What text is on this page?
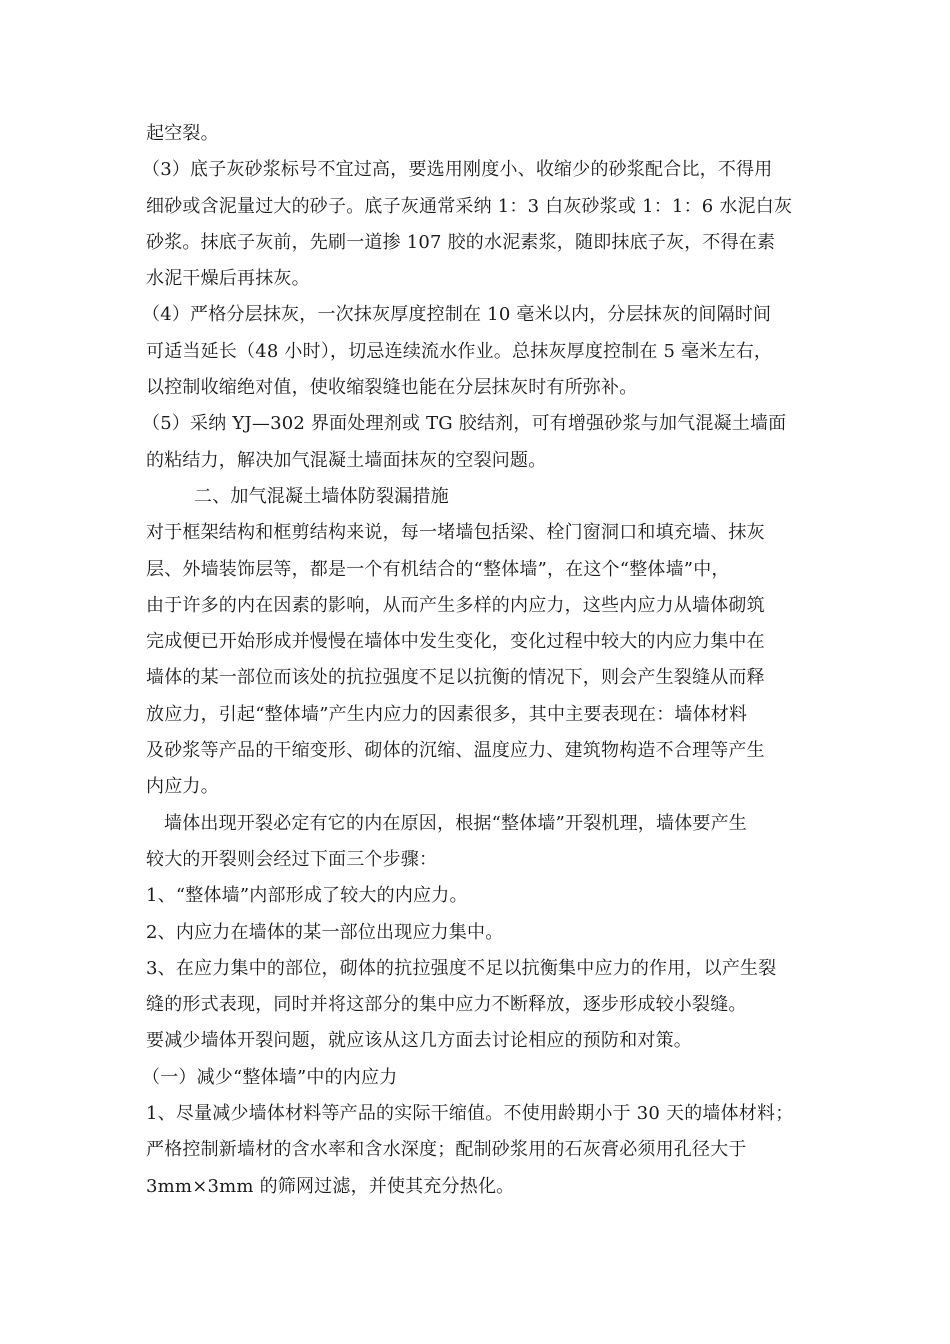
起空裂。
（3）底子灰砂浆标号不宜过高，要选用刚度小、收缩少的砂浆配合比，不得用
细砂或含泥量过大的砂子。底子灰通常采纳 1：3 白灰砂浆或 1：1：6 水泥白灰
砂浆。抹底子灰前，先刷一道掺 107 胶的水泥素浆，随即抹底子灰，不得在素
水泥干燥后再抹灰。
（4）严格分层抹灰，一次抹灰厚度控制在 10 毫米以内，分层抹灰的间隔时间
可适当延长（48 小时），切忌连续流水作业。总抹灰厚度控制在 5 毫米左右，
以控制收缩绝对值，使收缩裂缝也能在分层抹灰时有所弥补。
（5）采纳 YJ—302 界面处理剂或 TG 胶结剂，可有增强砂浆与加气混凝土墙面
的粘结力，解决加气混凝土墙面抹灰的空裂问题。
二、加气混凝土墙体防裂漏措施
对于框架结构和框剪结构来说，每一堵墙包括梁、栓门窗洞口和填充墙、抹灰
层、外墙装饰层等，都是一个有机结合的“整体墙”，在这个“整体墙”中，
由于许多的内在因素的影响，从而产生多样的内应力，这些内应力从墙体砌筑
完成便已开始形成并慢慢在墙体中发生变化，变化过程中较大的内应力集中在
墙体的某一部位而该处的抗拉强度不足以抗衡的情况下，则会产生裂缝从而释
放应力，引起“整体墙”产生内应力的因素很多，其中主要表现在：墙体材料
及砂浆等产品的干缩变形、砌体的沉缩、温度应力、建筑物构造不合理等产生
内应力。
墙体出现开裂必定有它的内在原因，根据“整体墙”开裂机理，墙体要产生
较大的开裂则会经过下面三个步骤：
1、“整体墙”内部形成了较大的内应力。
2、内应力在墙体的某一部位出现应力集中。
3、在应力集中的部位，砌体的抗拉强度不足以抗衡集中应力的作用，以产生裂
缝的形式表现，同时并将这部分的集中应力不断释放，逐步形成较小裂缝。
要减少墙体开裂问题，就应该从这几方面去讨论相应的预防和对策。
（一）减少“整体墙”中的内应力
1、尽量减少墙体材料等产品的实际干缩值。不使用龄期小于 30 天的墙体材料；
严格控制新墙材的含水率和含水深度；配制砂浆用的石灰膏必须用孔径大于
3mm×3mm 的筛网过滤，并使其充分热化。
